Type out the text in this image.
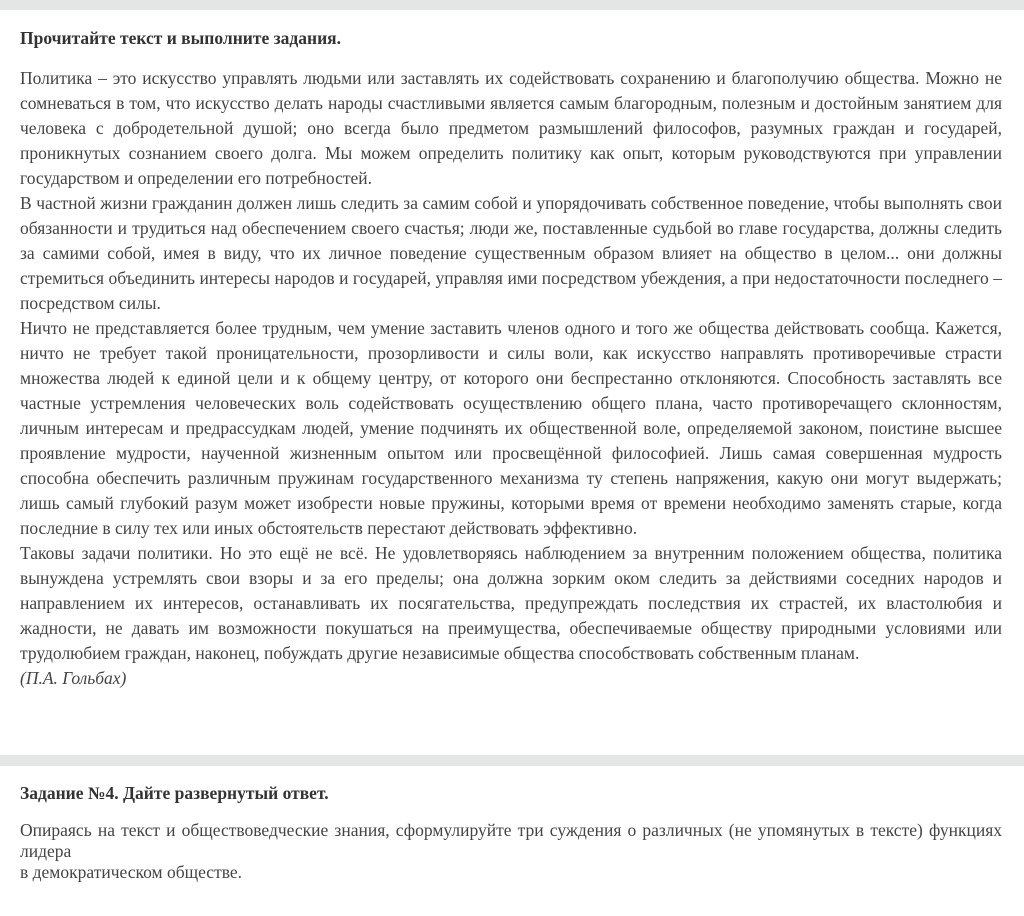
Прочитайте текст и выполните задания.

Политика – это искусство управлять людьми или заставлять их содействовать сохранению и благополучию общества. Можно не сомневаться в том, что искусство делать народы счастливыми является самым благородным, полезным и достойным занятием для человека с добродетельной душой; оно всегда было предметом размышлений философов, разумных граждан и государей, проникнутых сознанием своего долга. Мы можем определить политику как опыт, которым руководствуются при управлении государством и определении его потребностей.

В частной жизни гражданин должен лишь следить за самим собой и упорядочивать собственное поведение, чтобы выполнять свои обязанности и трудиться над обеспечением своего счастья; люди же, поставленные судьбой во главе государства, должны следить за самими собой, имея в виду, что их личное поведение существенным образом влияет на общество в целом... они должны стремиться объединить интересы народов и государей, управляя ими посредством убеждения, а при недостаточности последнего – посредством силы.

Ничто не представляется более трудным, чем умение заставить членов одного и того же общества действовать сообща. Кажется, ничто не требует такой проницательности, прозорливости и силы воли, как искусство направлять противоречивые страсти множества людей к единой цели и к общему центру, от которого они беспрестанно отклоняются. Способность заставлять все частные устремления человеческих воль содействовать осуществлению общего плана, часто противоречащего склонностям, личным интересам и предрассудкам людей, умение подчинять их общественной воле, определяемой законом, поистине высшее проявление мудрости, наученной жизненным опытом или просвещённой философией. Лишь самая совершенная мудрость способна обеспечить различным пружинам государственного механизма ту степень напряжения, какую они могут выдержать; лишь самый глубокий разум может изобрести новые пружины, которыми время от времени необходимо заменять старые, когда последние в силу тех или иных обстоятельств перестают действовать эффективно.

Таковы задачи политики. Но это ещё не всё. Не удовлетворяясь наблюдением за внутренним положением общества, политика вынуждена устремлять свои взоры и за его пределы; она должна зорким оком следить за действиями соседних народов и направлением их интересов, останавливать их посягательства, предупреждать последствия их страстей, их властолюбия и жадности, не давать им возможности покушаться на преимущества, обеспечиваемые обществу природными условиями или трудолюбием граждан, наконец, побуждать другие независимые общества способствовать собственным планам.

(П.А. Гольбах)

Задание №4. Дайте развернутый ответ.
Опираясь на текст и обществоведческие знания, сформулируйте три суждения о различных (не упомянутых в тексте) функциях лидера
в демократическом обществе.
